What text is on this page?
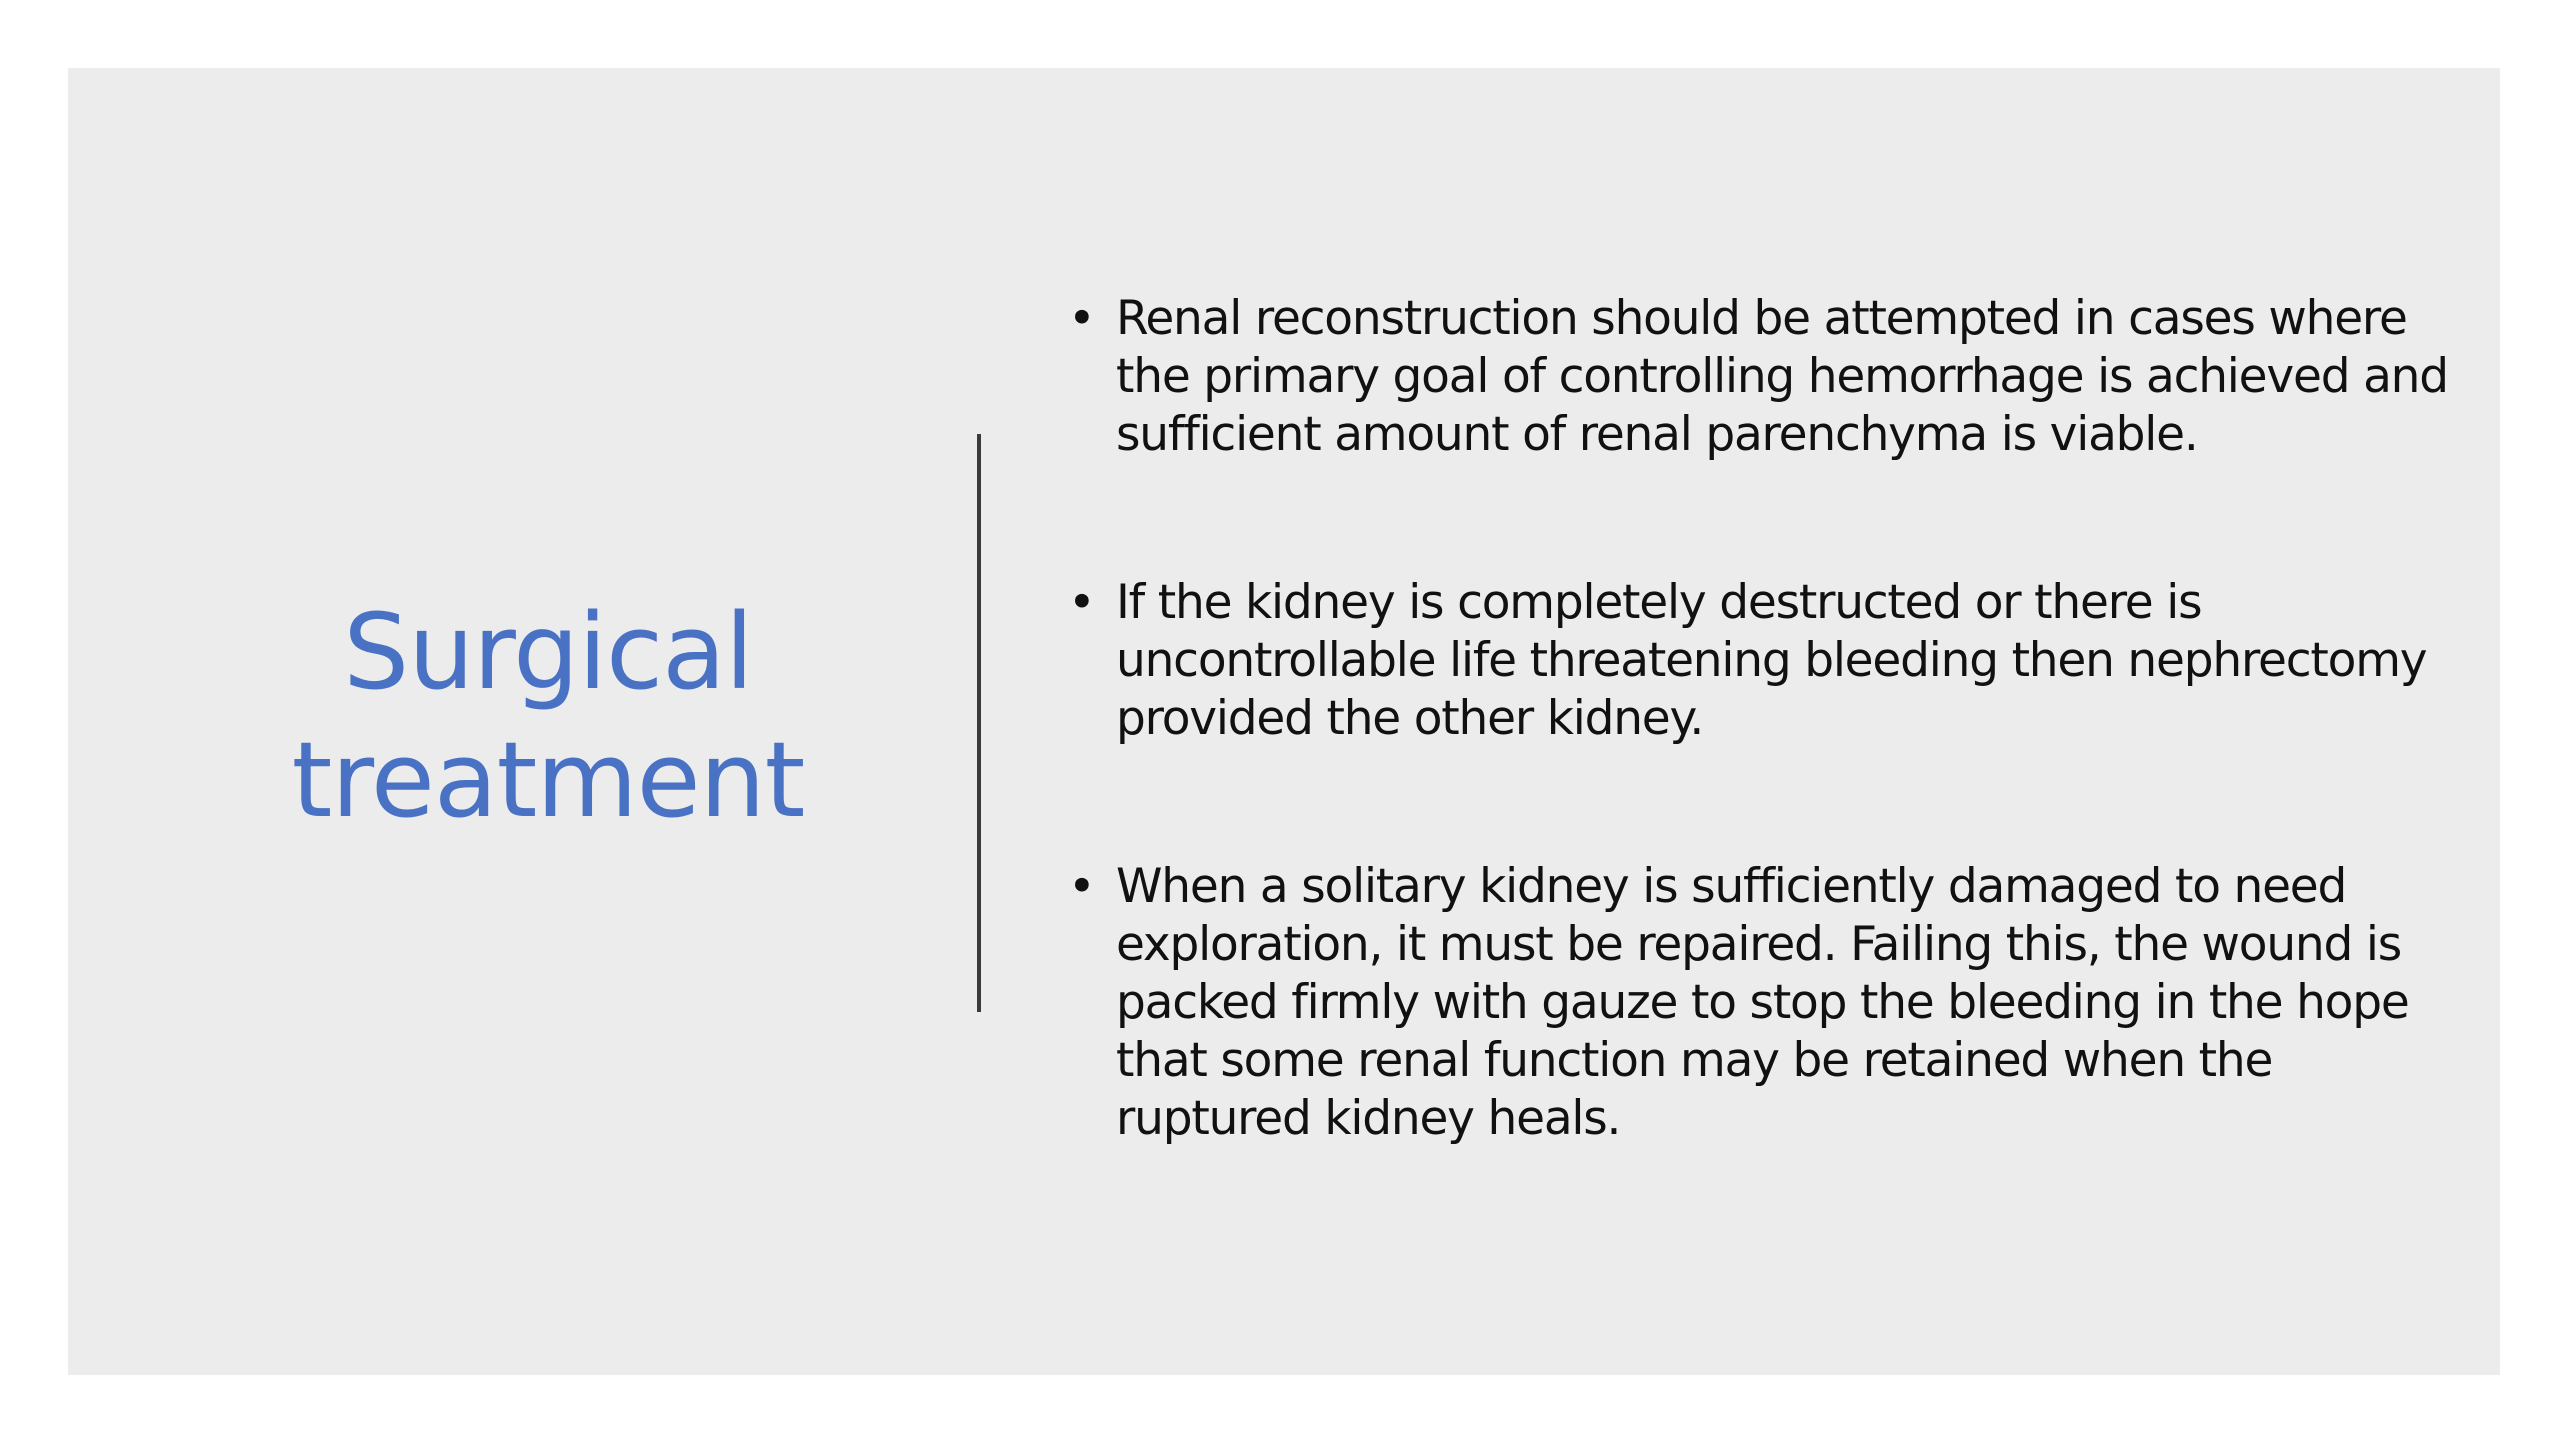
Surgical
treatment
• Renal reconstruction should be attempted in cases where the primary goal of controlling hemorrhage is achieved and sufficient amount of renal parenchyma is viable.
• If the kidney is completely destructed or there is uncontrollable life threatening bleeding then nephrectomy provided the other kidney.
• When a solitary kidney is sufficiently damaged to need exploration, it must be repaired. Failing this, the wound is packed firmly with gauze to stop the bleeding in the hope that some renal function may be retained when the ruptured kidney heals.
